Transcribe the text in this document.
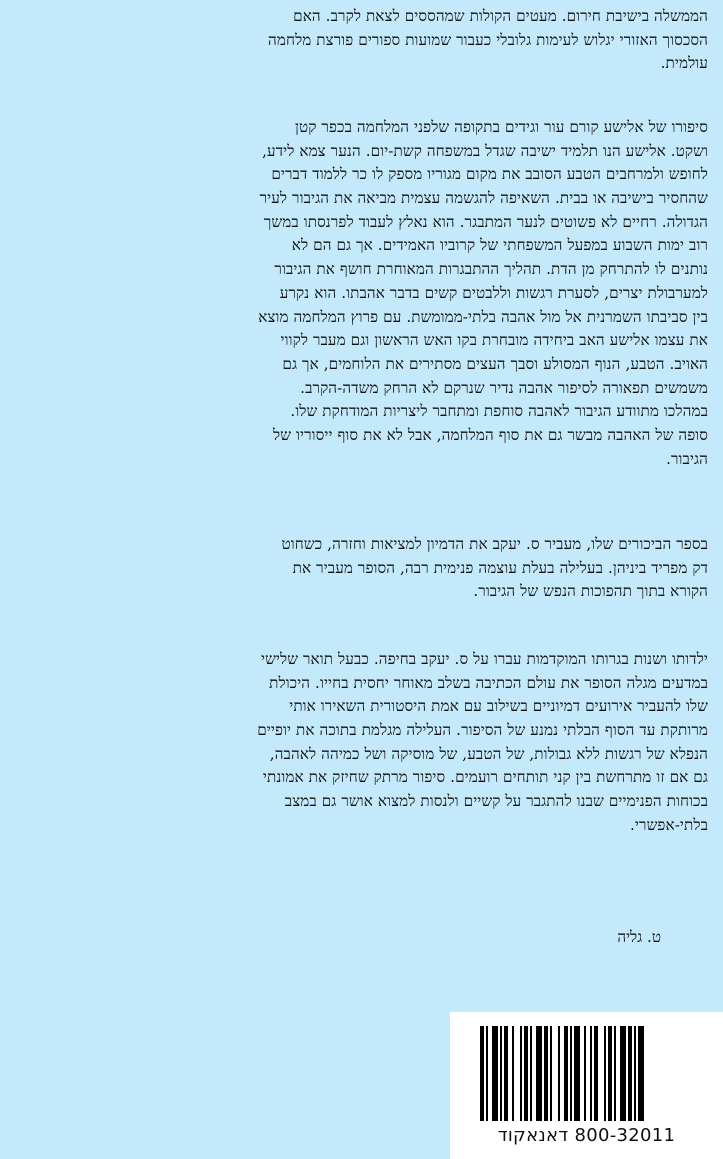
הממשלה בישיבת חירום. מעטים הקולות שמהססים לצאת לקרב. האם
הסכסוך האזורי יגלוש לעימות גלובלי כעבור שמועות ספורים פורצת מלחמה
עולמית.
סיפורו של אלישע קורם עור וגידים בתקופה שלפני המלחמה בכפר קטן
ושקט. אלישע הנו תלמיד ישיבה שגדל במשפחה קשת-יום. הנער צמא לידע,
לחופש ולמרחבים הטבע הסובב את מקום מגוריו מספק לו כר ללמוד דברים
שהחסיר בישיבה או בבית. השאיפה להגשמה עצמית מביאה את הגיבור לעיר
הגדולה. רחיים לא פשוטים לנער המתבגר. הוא נאלץ לעבוד לפרנסתו במשך
רוב ימות השבוע במפעל המשפחתי של קרוביו האמידים. אך גם הם לא
נותנים לו להתרחק מן הדת. תהליך ההתבגרות המאוחרת חושף את הגיבור
למערבולת יצרים, לסערת רגשות וללבטים קשים בדבר אהבתו. הוא נקרע
בין סביבתו השמרנית אל מול אהבה בלתי-ממומשת. עם פרוץ המלחמה מוצא
את עצמו אלישע האב ביחידה מובחרת בקו האש הראשון וגם מעבר לקווי
האויב. הטבע, הנוף המסולע וסבך העצים מסתירים את הלוחמים, אך גם
משמשים תפאורה לסיפור אהבה נדיר שנרקם לא הרחק משדה-הקרב.
במהלכו מתוודע הגיבור לאהבה סוחפת ומתחבר ליצריות המודחקת שלו.
סופה של האהבה מבשר גם את סוף המלחמה, אבל לא את סוף ייסוריו של
הגיבור.
בספר הביכורים שלו, מעביר ס. יעקב את הדמיון למציאות וחזרה, כשחוט
דק מפריד ביניהן. בעלילה בעלת עוצמה פנימית רבה, הסופר מעביר את
הקורא בתוך תהפוכות הנפש של הגיבור.
ילדותו ושנות בגרותו המוקדמות עברו על ס. יעקב בחיפה. כבעל תואר שלישי
במדעים מגלה הסופר את עולם הכתיבה בשלב מאוחר יחסית בחייו. היכולת
שלו להעביר אירועים דמיוניים בשילוב עם אמת היסטורית השאירו אותי
מרותקת עד הסוף הבלתי נמנע של הסיפור. העלילה מגלמת בתוכה את יופיים
הנפלא של רגשות ללא גבולות, של הטבע, של מוסיקה ושל כמיהה לאהבה,
גם אם זו מתרחשת בין קני תותחים רועמים. סיפור מרתק שחיזק את אמונתי
בכוחות הפנימיים שבנו להתגבר על קשיים ולנסות למצוא אושר גם במצב
בלתי-אפשרי.
ט. גליה
800-32011 דאנאקוד
